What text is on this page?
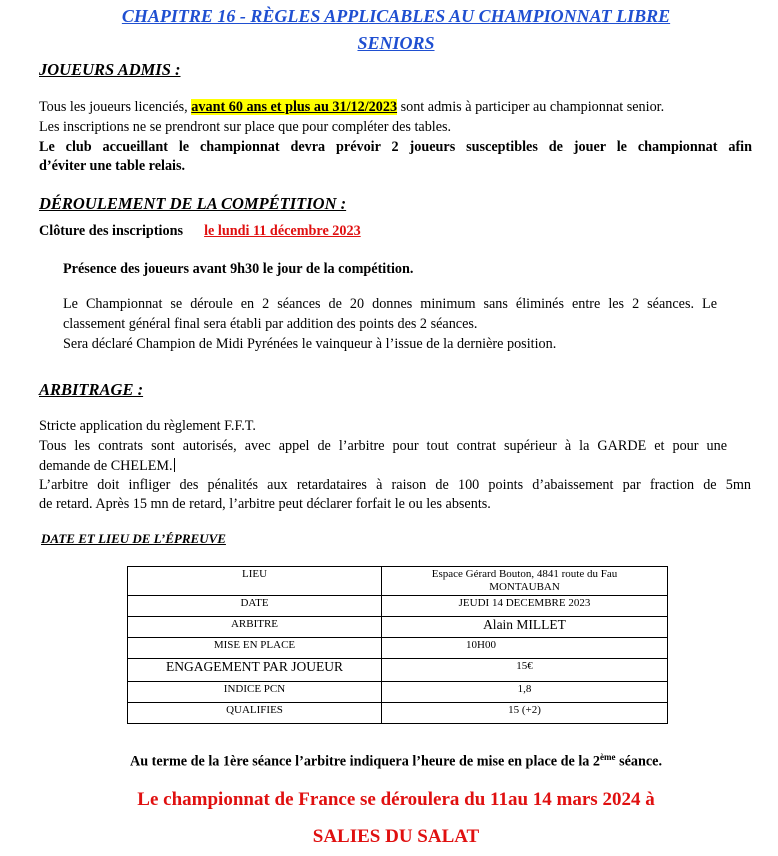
CHAPITRE 16 - RÈGLES APPLICABLES AU CHAMPIONNAT LIBRE
SENIORS
JOUEURS ADMIS :
Tous les joueurs licenciés, avant 60 ans et plus au 31/12/2023 sont admis à participer au championnat senior.
Les inscriptions ne se prendront sur place que pour compléter des tables.
Le club accueillant le championnat devra prévoir 2 joueurs susceptibles de jouer le championnat afin
d’éviter une table relais.
DÉROULEMENT DE LA COMPÉTITION :
Clôture des inscriptions le lundi 11 décembre 2023
Présence des joueurs avant 9h30 le jour de la compétition.
Le Championnat se déroule en 2 séances de 20 donnes minimum sans éliminés entre les 2 séances. Le
classement général final sera établi par addition des points des 2 séances.
Sera déclaré Champion de Midi Pyrénées le vainqueur à l’issue de la dernière position.
ARBITRAGE :
Stricte application du règlement F.F.T.
Tous les contrats sont autorisés, avec appel de l’arbitre pour tout contrat supérieur à la GARDE et pour une
demande de CHELEM.
L’arbitre doit infliger des pénalités aux retardataires à raison de 100 points d’abaissement par fraction de 5mn
de retard. Après 15 mn de retard, l’arbitre peut déclarer forfait le ou les absents.
DATE ET LIEU DE L’ÉPREUVE
LIEU	Espace Gérard Bouton, 4841 route du Fau
MONTAUBAN

DATE	JEUDI 14 DECEMBRE 2023
ARBITRE	Alain MILLET
MISE EN PLACE	10H00
ENGAGEMENT PAR JOUEUR	15€
INDICE PCN	1,8
QUALIFIES	15 (+2)
Au terme de la 1ère séance l’arbitre indiquera l’heure de mise en place de la 2ème séance.
Le championnat de France se déroulera du 11au 14 mars 2024 à
SALIES DU SALAT
